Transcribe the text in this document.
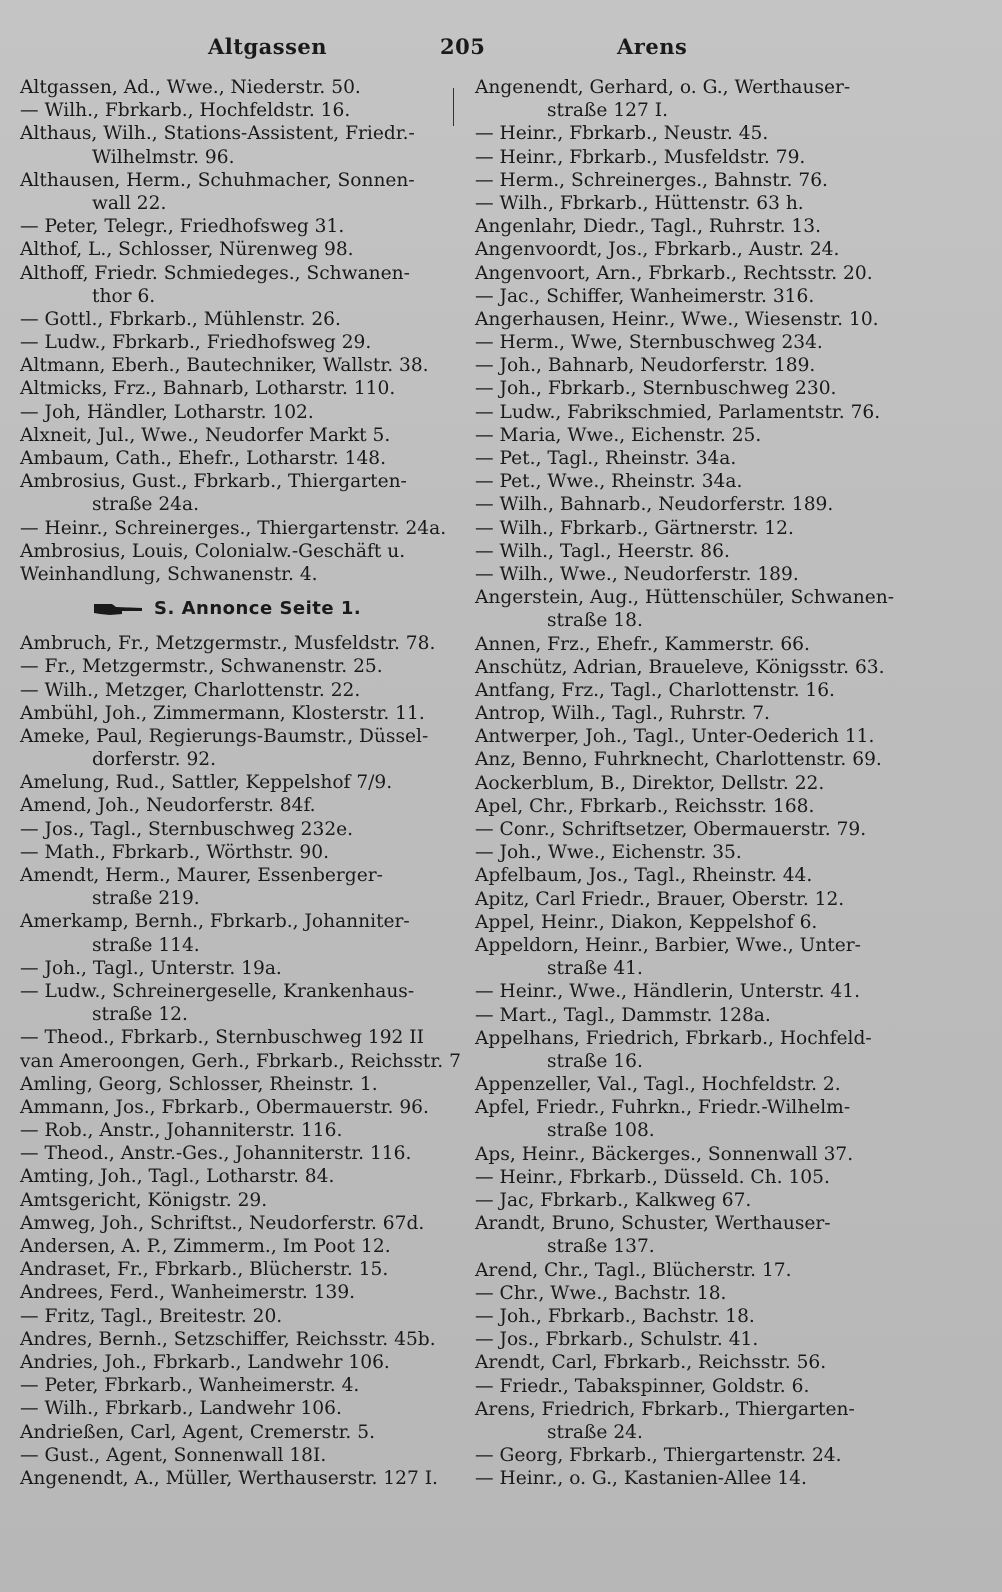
Altgassen	205	Arens
Altgassen, Ad., Wwe., Niederstr. 50.
— Wilh., Fbrkarb., Hochfeldstr. 16.
Althaus, Wilh., Stations-Assistent, Friedr.-
Wilhelmstr. 96.
Althausen, Herm., Schuhmacher, Sonnen-
wall 22.
— Peter, Telegr., Friedhofsweg 31.
Althof, L., Schlosser, Nürenweg 98.
Althoff, Friedr. Schmiedeges., Schwanen-
thor 6.
— Gottl., Fbrkarb., Mühlenstr. 26.
— Ludw., Fbrkarb., Friedhofsweg 29.
Altmann, Eberh., Bautechniker, Wallstr. 38.
Altmicks, Frz., Bahnarb, Lotharstr. 110.
— Joh, Händler, Lotharstr. 102.
Alxneit, Jul., Wwe., Neudorfer Markt 5.
Ambaum, Cath., Ehefr., Lotharstr. 148.
Ambrosius, Gust., Fbrkarb., Thiergarten-
straße 24a.
— Heinr., Schreinerges., Thiergartenstr. 24a.
Ambrosius, Louis, Colonialw.-Geschäft u.
Weinhandlung, Schwanenstr. 4.
S. Annonce Seite 1.
Ambruch, Fr., Metzgermstr., Musfeldstr. 78.
— Fr., Metzgermstr., Schwanenstr. 25.
— Wilh., Metzger, Charlottenstr. 22.
Ambühl, Joh., Zimmermann, Klosterstr. 11.
Ameke, Paul, Regierungs-Baumstr., Düssel-
dorferstr. 92.
Amelung, Rud., Sattler, Keppelshof 7/9.
Amend, Joh., Neudorferstr. 84f.
— Jos., Tagl., Sternbuschweg 232e.
— Math., Fbrkarb., Wörthstr. 90.
Amendt, Herm., Maurer, Essenberger-
straße 219.
Amerkamp, Bernh., Fbrkarb., Johanniter-
straße 114.
— Joh., Tagl., Unterstr. 19a.
— Ludw., Schreinergeselle, Krankenhaus-
straße 12.
— Theod., Fbrkarb., Sternbuschweg 192 II
van Ameroongen, Gerh., Fbrkarb., Reichsstr. 7
Amling, Georg, Schlosser, Rheinstr. 1.
Ammann, Jos., Fbrkarb., Obermauerstr. 96.
— Rob., Anstr., Johanniterstr. 116.
— Theod., Anstr.-Ges., Johanniterstr. 116.
Amting, Joh., Tagl., Lotharstr. 84.
Amtsgericht, Königstr. 29.
Amweg, Joh., Schriftst., Neudorferstr. 67d.
Andersen, A. P., Zimmerm., Im Poot 12.
Andraset, Fr., Fbrkarb., Blücherstr. 15.
Andrees, Ferd., Wanheimerstr. 139.
— Fritz, Tagl., Breitestr. 20.
Andres, Bernh., Setzschiffer, Reichsstr. 45b.
Andries, Joh., Fbrkarb., Landwehr 106.
— Peter, Fbrkarb., Wanheimerstr. 4.
— Wilh., Fbrkarb., Landwehr 106.
Andrießen, Carl, Agent, Cremerstr. 5.
— Gust., Agent, Sonnenwall 18I.
Angenendt, A., Müller, Werthauserstr. 127 I.
Angenendt, Gerhard, o. G., Werthauser-
straße 127 I.
— Heinr., Fbrkarb., Neustr. 45.
— Heinr., Fbrkarb., Musfeldstr. 79.
— Herm., Schreinerges., Bahnstr. 76.
— Wilh., Fbrkarb., Hüttenstr. 63 h.
Angenlahr, Diedr., Tagl., Ruhrstr. 13.
Angenvoordt, Jos., Fbrkarb., Austr. 24.
Angenvoort, Arn., Fbrkarb., Rechtsstr. 20.
— Jac., Schiffer, Wanheimerstr. 316.
Angerhausen, Heinr., Wwe., Wiesenstr. 10.
— Herm., Wwe, Sternbuschweg 234.
— Joh., Bahnarb, Neudorferstr. 189.
— Joh., Fbrkarb., Sternbuschweg 230.
— Ludw., Fabrikschmied, Parlamentstr. 76.
— Maria, Wwe., Eichenstr. 25.
— Pet., Tagl., Rheinstr. 34a.
— Pet., Wwe., Rheinstr. 34a.
— Wilh., Bahnarb., Neudorferstr. 189.
— Wilh., Fbrkarb., Gärtnerstr. 12.
— Wilh., Tagl., Heerstr. 86.
— Wilh., Wwe., Neudorferstr. 189.
Angerstein, Aug., Hüttenschüler, Schwanen-
straße 18.
Annen, Frz., Ehefr., Kammerstr. 66.
Anschütz, Adrian, Braueleve, Königsstr. 63.
Antfang, Frz., Tagl., Charlottenstr. 16.
Antrop, Wilh., Tagl., Ruhrstr. 7.
Antwerper, Joh., Tagl., Unter-Oederich 11.
Anz, Benno, Fuhrknecht, Charlottenstr. 69.
Aockerblum, B., Direktor, Dellstr. 22.
Apel, Chr., Fbrkarb., Reichsstr. 168.
— Conr., Schriftsetzer, Obermauerstr. 79.
— Joh., Wwe., Eichenstr. 35.
Apfelbaum, Jos., Tagl., Rheinstr. 44.
Apitz, Carl Friedr., Brauer, Oberstr. 12.
Appel, Heinr., Diakon, Keppelshof 6.
Appeldorn, Heinr., Barbier, Wwe., Unter-
straße 41.
— Heinr., Wwe., Händlerin, Unterstr. 41.
— Mart., Tagl., Dammstr. 128a.
Appelhans, Friedrich, Fbrkarb., Hochfeld-
straße 16.
Appenzeller, Val., Tagl., Hochfeldstr. 2.
Apfel, Friedr., Fuhrkn., Friedr.-Wilhelm-
straße 108.
Aps, Heinr., Bäckerges., Sonnenwall 37.
— Heinr., Fbrkarb., Düsseld. Ch. 105.
— Jac, Fbrkarb., Kalkweg 67.
Arandt, Bruno, Schuster, Werthauser-
straße 137.
Arend, Chr., Tagl., Blücherstr. 17.
— Chr., Wwe., Bachstr. 18.
— Joh., Fbrkarb., Bachstr. 18.
— Jos., Fbrkarb., Schulstr. 41.
Arendt, Carl, Fbrkarb., Reichsstr. 56.
— Friedr., Tabakspinner, Goldstr. 6.
Arens, Friedrich, Fbrkarb., Thiergarten-
straße 24.
— Georg, Fbrkarb., Thiergartenstr. 24.
— Heinr., o. G., Kastanien-Allee 14.
